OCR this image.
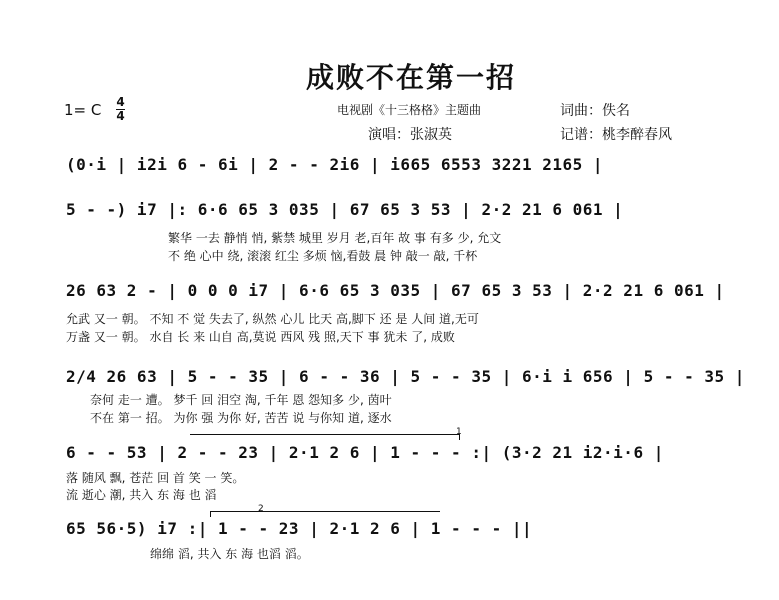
成败不在第一招
1= C 4
4	电视剧《十三格格》主题曲	词曲：佚名
演唱：张淑英	记谱：桃李醉春风
(0·i | i2i 6 - 6i | 2 - - 2i6 | i665 6553 3221 2165 |
5 - -) i7 |: 6·6 65 3 035 | 67 65 3 53 | 2·2 21 6 061 |
繁华 一去 静悄 悄, 紫禁 城里 岁月 老,百年 故 事 有多 少, 允文
不 绝 心中 绕, 滚滚 红尘 多烦 恼,看鼓 晨 钟 敲一 敲, 千杯
26 63 2 - | 0 0 0 i7 | 6·6 65 3 035 | 67 65 3 53 | 2·2 21 6 061 |
允武 又一 朝。 不知 不 觉 失去了, 纵然 心儿 比天 高,脚下 还 是 人间 道,无可
万盏 又一 朝。 水自 长 来 山自 高,莫说 西风 残 照,天下 事 犹未 了, 成败
2/4 26 63 | 5 - - 35 | 6 - - 36 | 5 - - 35 | 6·i i 656 | 5 - - 35 |
奈何 走一 遭。 梦千 回 泪空 淘, 千年 恩 怨知多 少, 茵叶
不在 第一 招。 为你 强 为你 好, 苦苦 说 与你知 道, 逐水
1
6 - - 53 | 2 - - 23 | 2·1 2 6 | 1 - - - :| (3·2 21 i2·i·6 |
落 随风 飘, 苍茫 回 首 笑 一 笑。
流 逝心 潮, 共入 东 海 也 滔
2
65 56·5) i7 :| 1 - - 23 | 2·1 2 6 | 1 - - - ||
绵绵 滔, 共入 东 海 也滔 滔。
